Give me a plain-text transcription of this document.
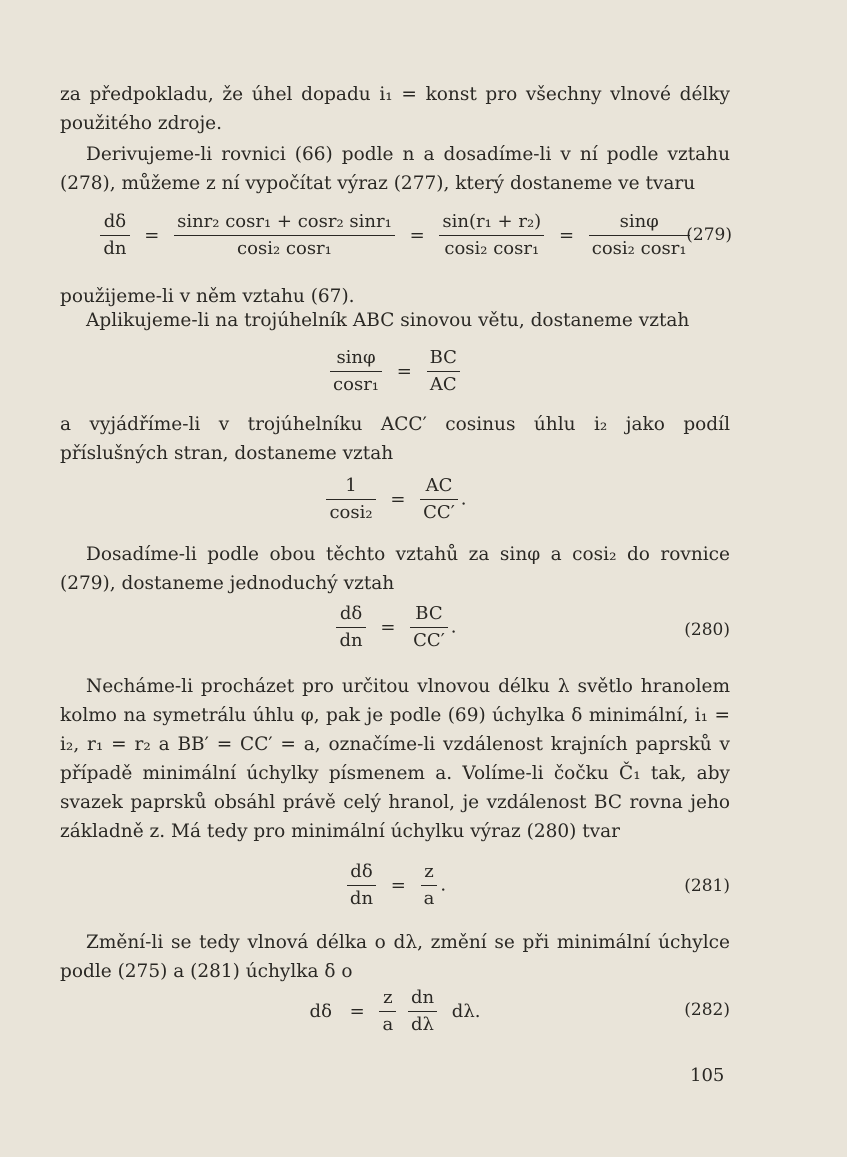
za předpokladu, že úhel dopadu i₁ = konst pro všechny vlnové délky použitého zdroje.
Derivujeme-li rovnici (66) podle n a dosadíme-li v ní podle vztahu (278), můžeme z ní vypočítat výraz (277), který dostaneme ve tvaru
$\frac{d\delta}{dn} = \frac{\text{sinr₂ cosr₁ + cosr₂ sinr₁}}{\text{cosi₂ cosr₁}} = \frac{\text{sin(r₁ + r₂)}}{\text{cosi₂ cosr₁}} = \frac{\sin\varphi}{\text{cosi₂ cosr₁}}$
(279)
použijeme-li v něm vztahu (67).
Aplikujeme-li na trojúhelník ABC sinovou větu, dostaneme vztah
$\frac{\sin\varphi}{\text{cosr₁}} = \frac{BC}{AC}$
a vyjádříme-li v trojúhelníku ACC′ cosinus úhlu i₂ jako podíl příslušných stran, dostaneme vztah
$\frac{1}{\text{cosi₂}} = \frac{AC}{CC'}$ .
Dosadíme-li podle obou těchto vztahů za sinφ a cosi₂ do rovnice (279), dostaneme jednoduchý vztah
$\frac{d\delta}{dn} = \frac{BC}{CC'}$ .	(280)
Necháme-li procházet pro určitou vlnovou délku λ světlo hranolem kolmo na symetrálu úhlu φ, pak je podle (69) úchylka δ minimální, i₁ = i₂, r₁ = r₂ a BB′ = CC′ = a, označíme-li vzdálenost krajních paprsků v případě minimální úchylky písmenem a. Volíme-li čočku Č₁ tak, aby svazek paprsků obsáhl právě celý hranol, je vzdálenost BC rovna jeho základně z. Má tedy pro minimální úchylku výraz (280) tvar
$\frac{d\delta}{dn} = \frac{z}{a}$ .	(281)
Změní-li se tedy vlnová délka o dλ, změní se při minimální úchylce podle (275) a (281) úchylka δ o
$d\delta = \frac{z}{a}$
$\frac{dn}{d\lambda} d\lambda$.	(282)
105
